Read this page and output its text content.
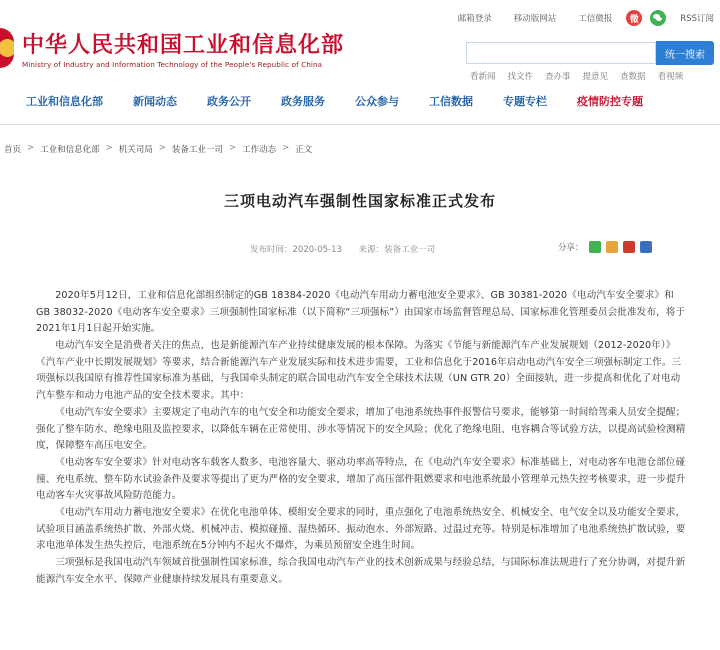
邮箱登录	移动版网站	工信微报	微	RSS订阅
中华人民共和国工业和信息化部
Ministry of Industry and Information Technology of the People's Republic of China
统一搜索
看新闻 找文件 查办事 提意见 查数据 看视频
工业和信息化部	新闻动态	政务公开	政务服务	公众参与	工信数据	专题专栏	疫情防控专题
首页 > 工业和信息化部 > 机关司局 > 装备工业一司 > 工作动态 > 正文
三项电动汽车强制性国家标准正式发布
发布时间：2020-05-13 来源：装备工业一司	分享：

2020年5月12日，工业和信息化部组织制定的GB 18384-2020《电动汽车用动力蓄电池安全要求》、GB 30381-2020《电动汽车安全要求》和GB 38032-2020《电动客车安全要求》三项强制性国家标准（以下简称“三项强标”）由国家市场监督管理总局、国家标准化管理委员会批准发布，将于2021年1月1日起开始实施。

电动汽车安全是消费者关注的焦点，也是新能源汽车产业持续健康发展的根本保障。为落实《节能与新能源汽车产业发展规划（2012-2020年）》《汽车产业中长期发展规划》等要求，结合新能源汽车产业发展实际和技术进步需要，工业和信息化于2016年启动电动汽车安全三项强标制定工作。三项强标以我国原有推荐性国家标准为基础，与我国牵头制定的联合国电动汽车安全全球技术法规（UN GTR 20）全面接轨，进一步提高和优化了对电动汽车整车和动力电池产品的安全技术要求。其中：

《电动汽车安全要求》主要规定了电动汽车的电气安全和功能安全要求，增加了电池系统热事件报警信号要求，能够第一时间给驾乘人员安全提醒；强化了整车防水、绝缘电阻及监控要求，以降低车辆在正常使用、涉水等情况下的安全风险；优化了绝缘电阻、电容耦合等试验方法，以提高试验检测精度，保障整车高压电安全。

《电动客车安全要求》针对电动客车载客人数多、电池容量大、驱动功率高等特点，在《电动汽车安全要求》标准基础上，对电动客车电池仓部位碰撞、充电系统、整车防水试验条件及要求等提出了更为严格的安全要求，增加了高压部件阻燃要求和电池系统最小管理单元热失控考核要求，进一步提升电动客车火灾事故风险防范能力。

《电动汽车用动力蓄电池安全要求》在优化电池单体、模组安全要求的同时，重点强化了电池系统热安全、机械安全、电气安全以及功能安全要求，试验项目涵盖系统热扩散、外部火烧、机械冲击、模拟碰撞、湿热循环、振动泡水、外部短路、过温过充等。特别是标准增加了电池系统热扩散试验，要求电池单体发生热失控后，电池系统在5分钟内不起火不爆炸，为乘员预留安全逃生时间。

三项强标是我国电动汽车领域首批强制性国家标准，综合我国电动汽车产业的技术创新成果与经验总结，与国际标准法规进行了充分协调，对提升新能源汽车安全水平、保障产业健康持续发展具有重要意义。
